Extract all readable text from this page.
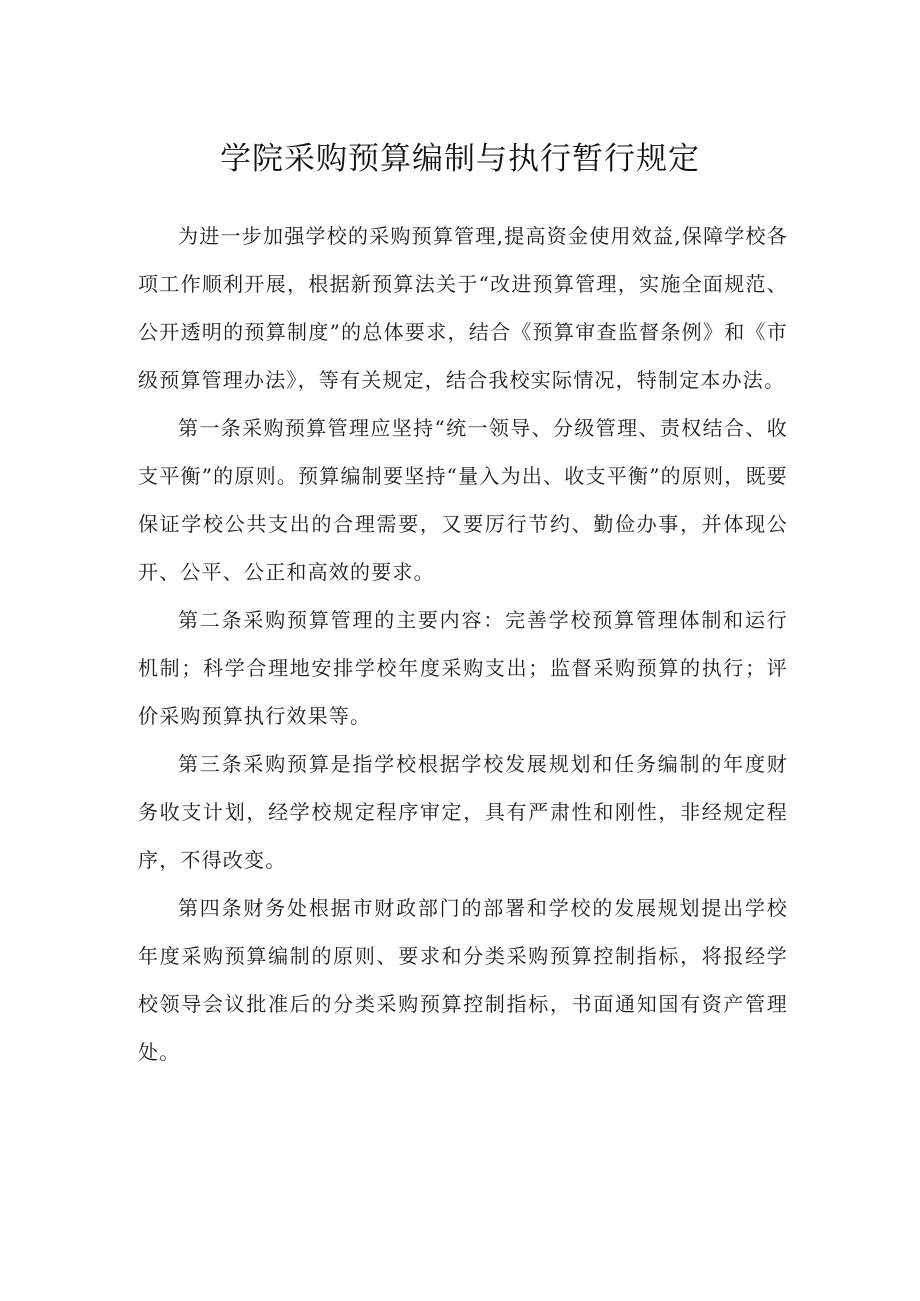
学院采购预算编制与执行暂行规定

为进一步加强学校的采购预算管理,提高资金使用效益,保障学校各项工作顺利开展，根据新预算法关于“改进预算管理，实施全面规范、公开透明的预算制度”的总体要求，结合《预算审查监督条例》和《市级预算管理办法》，等有关规定，结合我校实际情况，特制定本办法。

第一条采购预算管理应坚持“统一领导、分级管理、责权结合、收支平衡”的原则。预算编制要坚持“量入为出、收支平衡”的原则，既要保证学校公共支出的合理需要，又要厉行节约、勤俭办事，并体现公开、公平、公正和高效的要求。

第二条采购预算管理的主要内容：完善学校预算管理体制和运行机制；科学合理地安排学校年度采购支出；监督采购预算的执行；评价采购预算执行效果等。

第三条采购预算是指学校根据学校发展规划和任务编制的年度财务收支计划，经学校规定程序审定，具有严肃性和刚性，非经规定程序，不得改变。

第四条财务处根据市财政部门的部署和学校的发展规划提出学校年度采购预算编制的原则、要求和分类采购预算控制指标，将报经学校领导会议批准后的分类采购预算控制指标，书面通知国有资产管理处。
